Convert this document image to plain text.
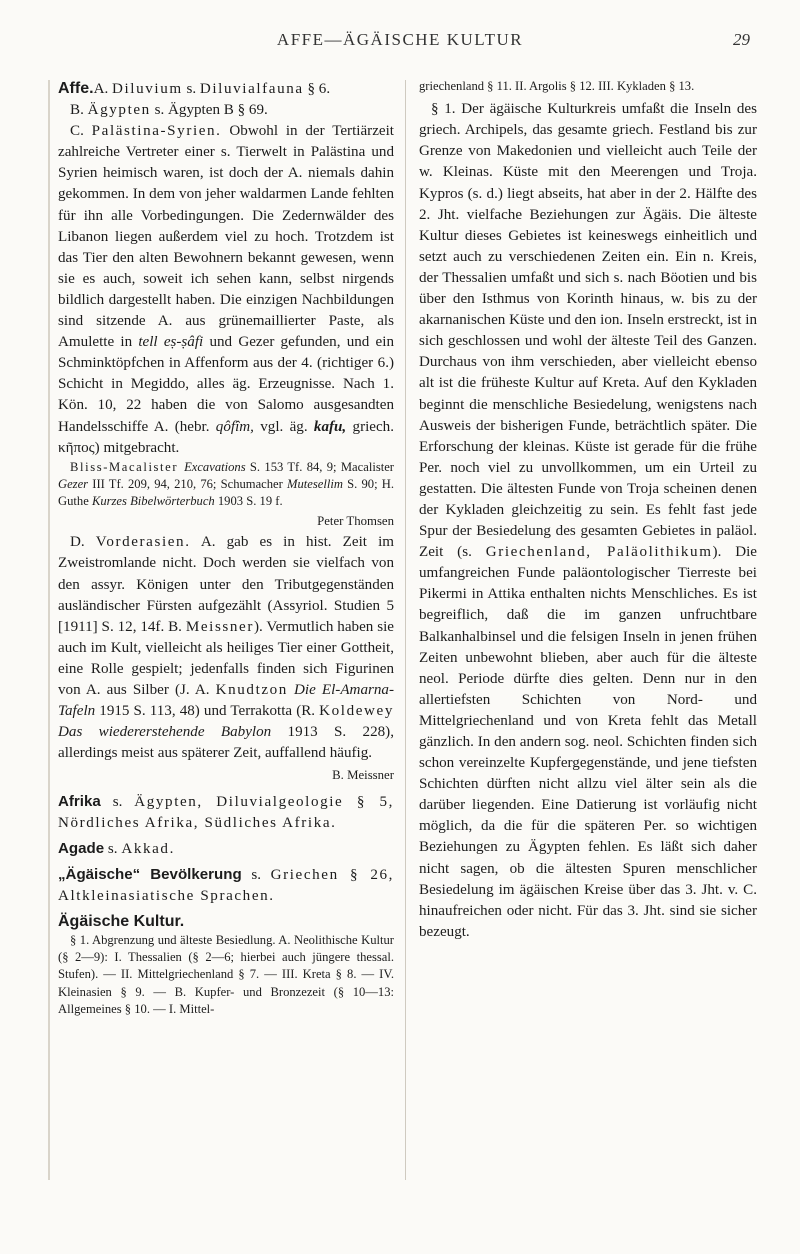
AFFE—ÄGÄISCHE KULTUR	29

Affe.A. Diluvium s. Diluvialfauna § 6.

B. Ägypten s. Ägypten B § 69.

C. Palästina-Syrien. Obwohl in der Tertiärzeit zahlreiche Vertreter einer s. Tierwelt in Palästina und Syrien heimisch waren, ist doch der A. niemals dahin gekommen. In dem von jeher waldarmen Lande fehlten für ihn alle Vorbedingungen. Die Zedernwälder des Libanon liegen außerdem viel zu hoch. Trotzdem ist das Tier den alten Bewohnern bekannt gewesen, wenn sie es auch, soweit ich sehen kann, selbst nirgends bildlich dargestellt haben. Die einzigen Nachbildungen sind sitzende A. aus grünemaillierter Paste, als Amulette in tell eṣ-ṣâfi und Gezer gefunden, und ein Schminktöpfchen in Affenform aus der 4. (richtiger 6.) Schicht in Megiddo, alles äg. Erzeugnisse. Nach 1. Kön. 10, 22 haben die von Salomo ausgesandten Handelsschiffe A. (hebr. qôfîm, vgl. äg. kafu, griech. κῆπος) mitgebracht.

Bliss-Macalister Excavations S. 153 Tf. 84, 9; Macalister Gezer III Tf. 209, 94, 210, 76; Schumacher Mutesellim S. 90; H. Guthe Kurzes Bibelwörterbuch 1903 S. 19 f.

Peter Thomsen

D. Vorderasien. A. gab es in hist. Zeit im Zweistromlande nicht. Doch werden sie vielfach von den assyr. Königen unter den Tributgegenständen ausländischer Fürsten aufgezählt (Assyriol. Studien 5 [1911] S. 12, 14f. B. Meissner). Vermutlich haben sie auch im Kult, vielleicht als heiliges Tier einer Gottheit, eine Rolle gespielt; jedenfalls finden sich Figurinen von A. aus Silber (J. A. Knudtzon Die El-Amarna-Tafeln 1915 S. 113, 48) und Terrakotta (R. Koldewey Das wiedererstehende Babylon 1913 S. 228), allerdings meist aus späterer Zeit, auffallend häufig.

B. Meissner

Afrika s. Ägypten, Diluvialgeologie § 5, Nördliches Afrika, Südliches Afrika.

Agade s. Akkad.

„Ägäische“ Bevölkerung s. Griechen § 26, Altkleinasiatische Sprachen.

Ägäische Kultur.

§ 1. Abgrenzung und älteste Besiedlung. A. Neolithische Kultur (§ 2—9): I. Thessalien (§ 2—6; hierbei auch jüngere thessal. Stufen). — II. Mittelgriechenland § 7. — III. Kreta § 8. — IV. Kleinasien § 9. — B. Kupfer- und Bronzezeit (§ 10—13: Allgemeines § 10. — I. Mittel-

griechenland § 11. II. Argolis § 12. III. Kykladen § 13.

§ 1. Der ägäische Kulturkreis umfaßt die Inseln des griech. Archipels, das gesamte griech. Festland bis zur Grenze von Makedonien und vielleicht auch Teile der w. Kleinas. Küste mit den Meerengen und Troja. Kypros (s. d.) liegt abseits, hat aber in der 2. Hälfte des 2. Jht. vielfache Beziehungen zur Ägäis. Die älteste Kultur dieses Gebietes ist keineswegs einheitlich und setzt auch zu verschiedenen Zeiten ein. Ein n. Kreis, der Thessalien umfaßt und sich s. nach Böotien und bis über den Isthmus von Korinth hinaus, w. bis zu der akarnanischen Küste und den ion. Inseln erstreckt, ist in sich geschlossen und wohl der älteste Teil des Ganzen. Durchaus von ihm verschieden, aber vielleicht ebenso alt ist die früheste Kultur auf Kreta. Auf den Kykladen beginnt die menschliche Besiedelung, wenigstens nach Ausweis der bisherigen Funde, beträchtlich später. Die Erforschung der kleinas. Küste ist gerade für die frühe Per. noch viel zu unvollkommen, um ein Urteil zu gestatten. Die ältesten Funde von Troja scheinen denen der Kykladen gleichzeitig zu sein. Es fehlt fast jede Spur der Besiedelung des gesamten Gebietes in paläol. Zeit (s. Griechenland, Paläolithikum). Die umfangreichen Funde paläontologischer Tierreste bei Pikermi in Attika enthalten nichts Menschliches. Es ist begreiflich, daß die im ganzen unfruchtbare Balkanhalbinsel und die felsigen Inseln in jenen frühen Zeiten unbewohnt blieben, aber auch für die älteste neol. Periode dürfte dies gelten. Denn nur in den allertiefsten Schichten von Nord- und Mittelgriechenland und von Kreta fehlt das Metall gänzlich. In den andern sog. neol. Schichten finden sich schon vereinzelte Kupfergegenstände, und jene tiefsten Schichten dürften nicht allzu viel älter sein als die darüber liegenden. Eine Datierung ist vorläufig nicht möglich, da die für die späteren Per. so wichtigen Beziehungen zu Ägypten fehlen. Es läßt sich daher nicht sagen, ob die ältesten Spuren menschlicher Besiedelung im ägäischen Kreise über das 3. Jht. v. C. hinaufreichen oder nicht. Für das 3. Jht. sind sie sicher bezeugt.
